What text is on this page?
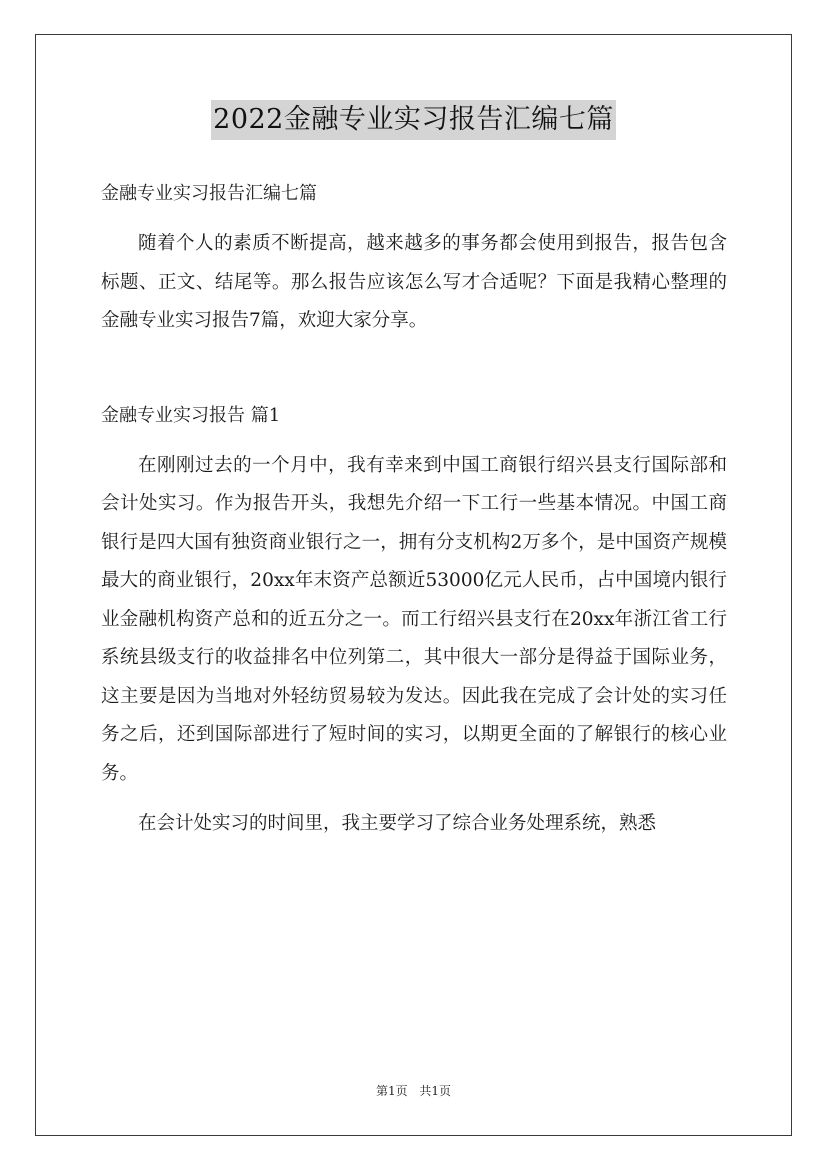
2022金融专业实习报告汇编七篇

金融专业实习报告汇编七篇

随着个人的素质不断提高，越来越多的事务都会使用到报告，报告包含标题、正文、结尾等。那么报告应该怎么写才合适呢？下面是我精心整理的金融专业实习报告7篇，欢迎大家分享。

金融专业实习报告 篇1

在刚刚过去的一个月中，我有幸来到中国工商银行绍兴县支行国际部和会计处实习。作为报告开头，我想先介绍一下工行一些基本情况。中国工商银行是四大国有独资商业银行之一，拥有分支机构2万多个，是中国资产规模最大的商业银行，20xx年末资产总额近53000亿元人民币，占中国境内银行业金融机构资产总和的近五分之一。而工行绍兴县支行在20xx年浙江省工行系统县级支行的收益排名中位列第二，其中很大一部分是得益于国际业务，这主要是因为当地对外轻纺贸易较为发达。因此我在完成了会计处的实习任务之后，还到国际部进行了短时间的实习，以期更全面的了解银行的核心业务。

在会计处实习的时间里，我主要学习了综合业务处理系统，熟悉

第1页 共1页
